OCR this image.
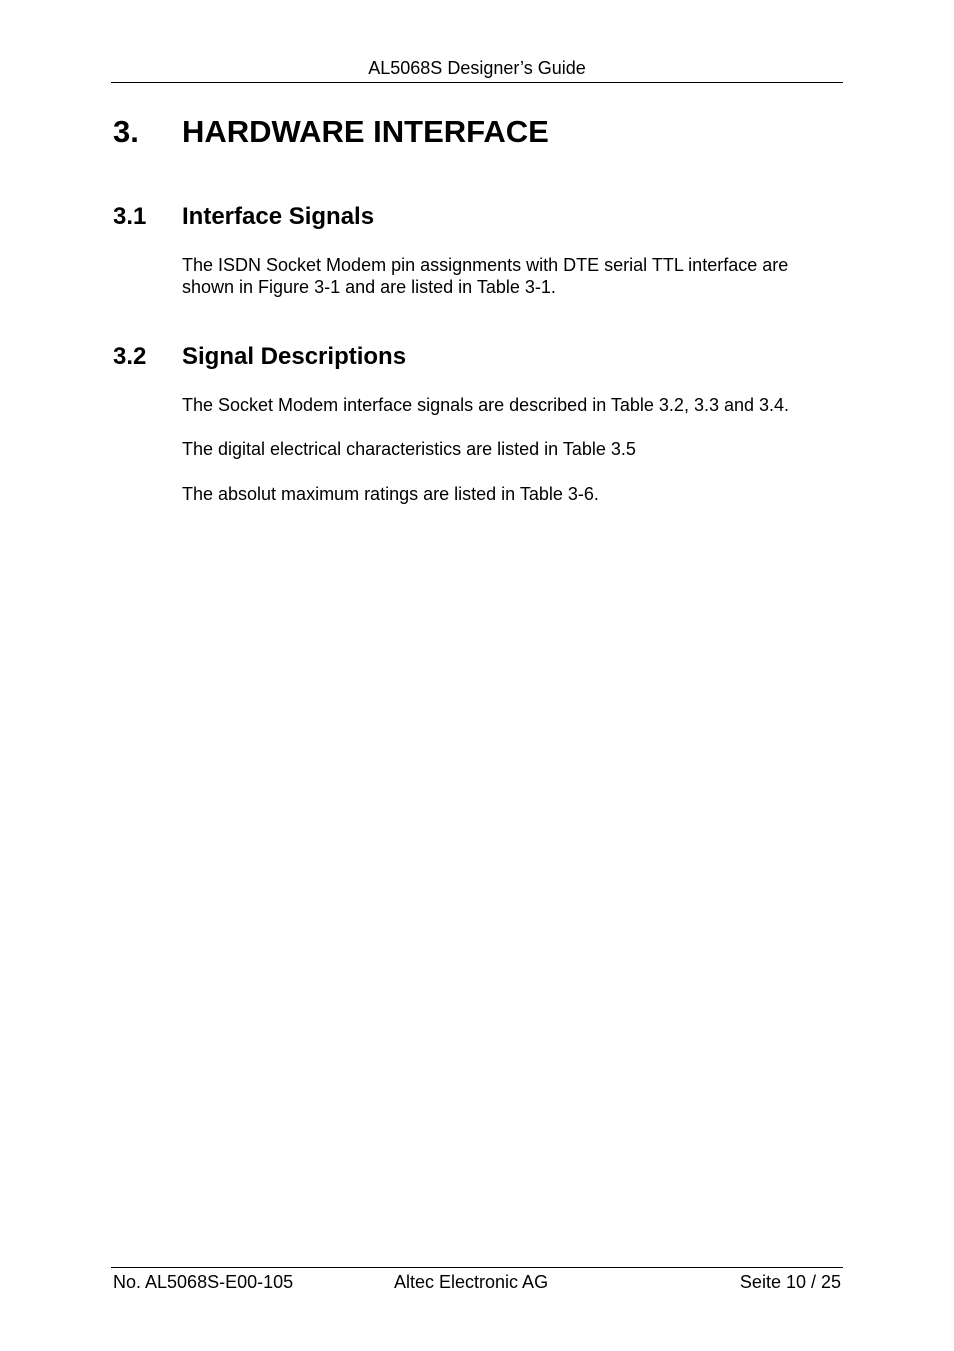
AL5068S Designer’s Guide
3. HARDWARE INTERFACE
3.1 Interface Signals
The ISDN Socket Modem pin assignments with DTE serial TTL interface are shown in Figure 3-1 and are listed in Table 3-1.
3.2 Signal Descriptions
The Socket Modem interface signals are described in Table 3.2, 3.3 and 3.4.
The digital electrical characteristics are listed in Table 3.5
The absolut maximum ratings are listed in Table 3-6.
No. AL5068S-E00-105	Altec Electronic AG	Seite 10 / 25
